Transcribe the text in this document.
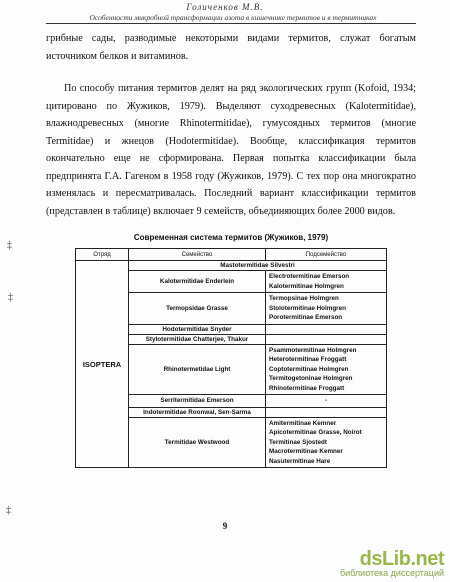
Голиченков М.В.
Особенности микробной трансформации азота в кишечнике термитов и в термитниках
грибные сады, разводимые некоторыми видами термитов, служат богатым источником белков и витаминов.
По способу питания термитов делят на ряд экологических групп (Kofoid, 1934; цитировано по Жужиков, 1979). Выделяют суходревесных (Kalotermitidae), влажнодревесных (многие Rhinotermitidae), гумусоядных термитов (многие Termitidae) и жнецов (Hodotermitidae). Вообще, классификация термитов окончательно еще не сформирована. Первая попытка классификации была предпринята Г.А. Гагеном в 1958 году (Жужиков, 1979). С тех пор она многократно изменялась и пересматривалась. Последний вариант классификации термитов (представлен в таблице) включает 9 семейств, объединяющих более 2000 видов.
Современная система термитов (Жужиков, 1979)
Отряд	Семейство	Подсемейство
ISOPTERA	Mastotermitidae Silvestri	
	Kalotermitidae Enderlein	Electrotermitinae Emerson
Kalotermitinae Holmgren

	Termopsidae Grasse	Termopsinae Holmgren
Stolotermitinae Holmgren
Porotermitinae Emerson

	Hodotermitidae Snyder	
	Stylotermitidae Chatterjee, Thakur	
	Rhinotermetidae Light	Psammotermitinae Holmgren
Heterotermitinae Froggatt
Coptotermitinae Holmgren
Termitogetoninae Holmgren
Rhinotermitinae Froggatt

	Serritermitidae Emerson	-
	Indotermitidae Roonwal, Sen-Sarma	
	Termitidae Westwood	Amitermitinae Kemner
Apicotermitinae Grasse, Noirot
Termitinae Sjostedt
Macrotermitinae Kemner
Nasutermitinae Hare
9
‡
‡
‡
dsLib.net
библиотека диссертаций
